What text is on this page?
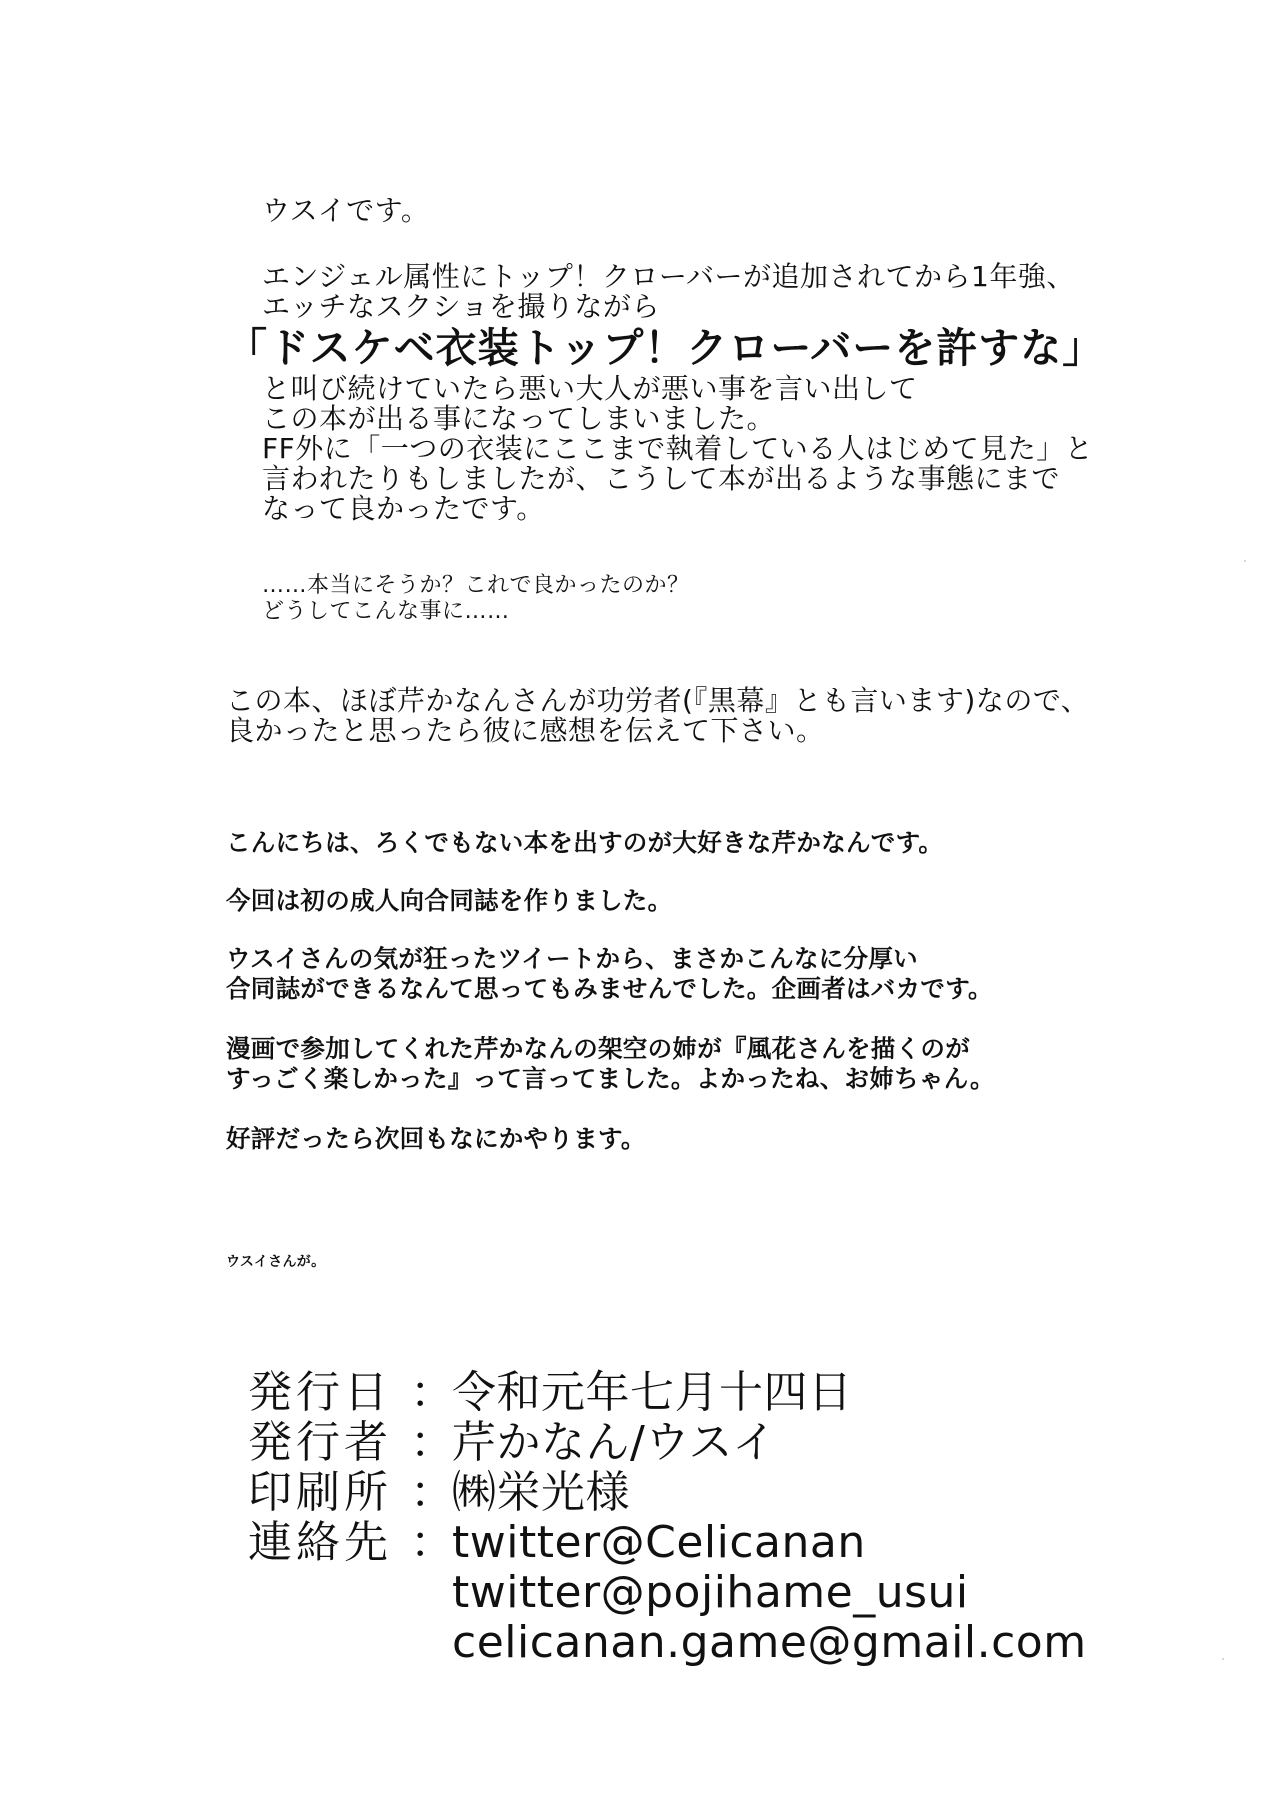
ウスイです。
エンジェル属性にトップ！クローバーが追加されてから1年強、
エッチなスクショを撮りながら
「ドスケベ衣装トップ！クローバーを許すな」
と叫び続けていたら悪い大人が悪い事を言い出して
この本が出る事になってしまいました。
FF外に「一つの衣装にここまで執着している人はじめて見た」と
言われたりもしましたが、こうして本が出るような事態にまで
なって良かったです。
……本当にそうか？これで良かったのか？
どうしてこんな事に……
この本、ほぼ芹かなんさんが功労者(『黒幕』とも言います)なので、
良かったと思ったら彼に感想を伝えて下さい。
こんにちは、ろくでもない本を出すのが大好きな芹かなんです。
今回は初の成人向合同誌を作りました。
ウスイさんの気が狂ったツイートから、まさかこんなに分厚い
合同誌ができるなんて思ってもみませんでした。企画者はバカです。
漫画で参加してくれた芹かなんの架空の姉が『風花さんを描くのが
すっごく楽しかった』って言ってました。よかったね、お姉ちゃん。
好評だったら次回もなにかやります。
ウスイさんが。
発行日 ：
令和元年七月十四日
発行者 ：
芹かなん/ウスイ
印刷所 ：
㈱栄光様
連絡先 ：
twitter@Celicanan
twitter@pojihame_usui
celicanan.game@gmail.com
